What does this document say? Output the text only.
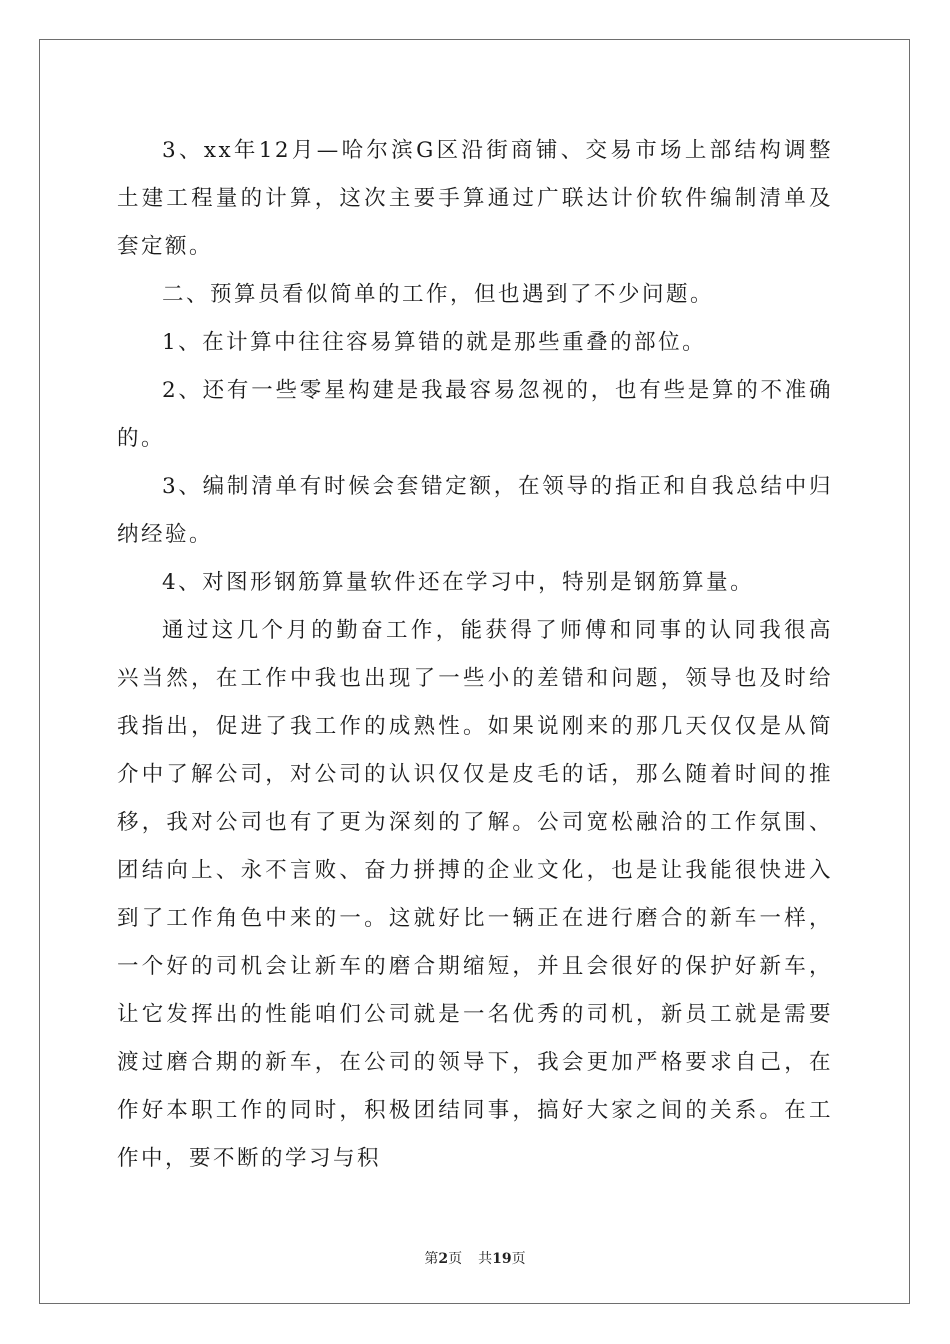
3、xx年12月—哈尔滨G区沿街商铺、交易市场上部结构调整土建工程量的计算，这次主要手算通过广联达计价软件编制清单及套定额。

二、预算员看似简单的工作，但也遇到了不少问题。

1、在计算中往往容易算错的就是那些重叠的部位。

2、还有一些零星构建是我最容易忽视的，也有些是算的不准确的。

3、编制清单有时候会套错定额，在领导的指正和自我总结中归纳经验。

4、对图形钢筋算量软件还在学习中，特别是钢筋算量。

通过这几个月的勤奋工作，能获得了师傅和同事的认同我很高兴当然，在工作中我也出现了一些小的差错和问题，领导也及时给我指出，促进了我工作的成熟性。如果说刚来的那几天仅仅是从简介中了解公司，对公司的认识仅仅是皮毛的话，那么随着时间的推移，我对公司也有了更为深刻的了解。公司宽松融洽的工作氛围、团结向上、永不言败、奋力拼搏的企业文化，也是让我能很快进入到了工作角色中来的一。这就好比一辆正在进行磨合的新车一样，一个好的司机会让新车的磨合期缩短，并且会很好的保护好新车，让它发挥出的性能咱们公司就是一名优秀的司机，新员工就是需要渡过磨合期的新车，在公司的领导下，我会更加严格要求自己，在作好本职工作的同时，积极团结同事，搞好大家之间的关系。在工作中，要不断的学习与积

第2页 共19页
